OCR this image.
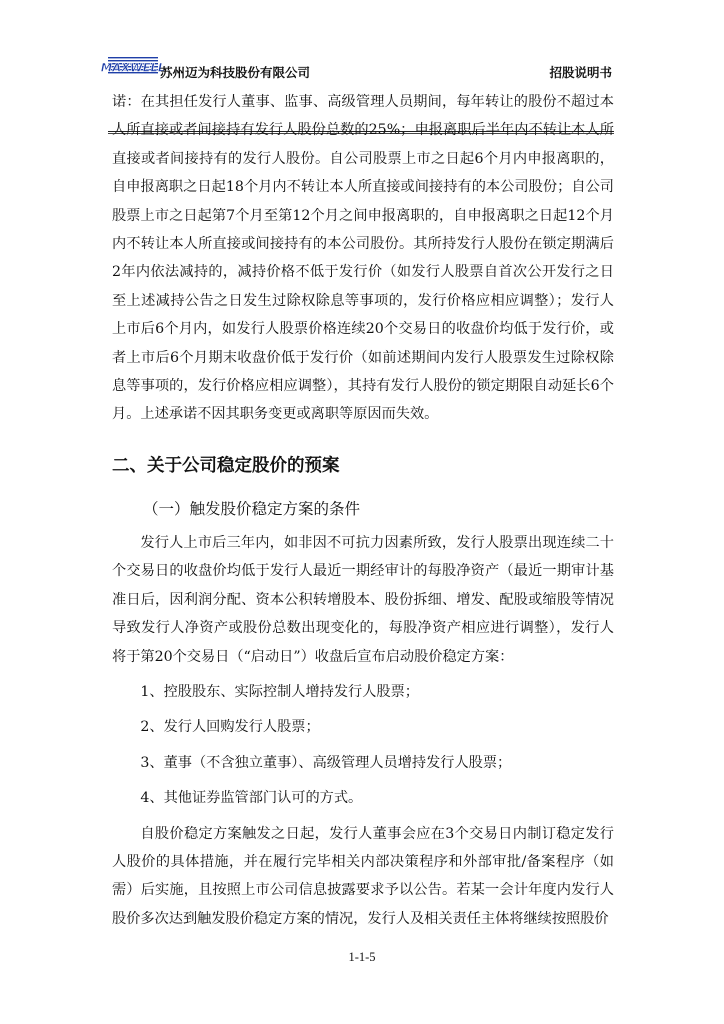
MAXWELL
苏州迈为科技股份有限公司	招股说明书

诺：在其担任发行人董事、监事、高级管理人员期间，每年转让的股份不超过本人所直接或者间接持有发行人股份总数的25%；申报离职后半年内不转让本人所直接或者间接持有的发行人股份。自公司股票上市之日起6个月内申报离职的，自申报离职之日起18个月内不转让本人所直接或间接持有的本公司股份；自公司股票上市之日起第7个月至第12个月之间申报离职的，自申报离职之日起12个月内不转让本人所直接或间接持有的本公司股份。其所持发行人股份在锁定期满后2年内依法减持的，减持价格不低于发行价（如发行人股票自首次公开发行之日至上述减持公告之日发生过除权除息等事项的，发行价格应相应调整）；发行人上市后6个月内，如发行人股票价格连续20个交易日的收盘价均低于发行价，或者上市后6个月期末收盘价低于发行价（如前述期间内发行人股票发生过除权除息等事项的，发行价格应相应调整），其持有发行人股份的锁定期限自动延长6个月。上述承诺不因其职务变更或离职等原因而失效。

二、关于公司稳定股价的预案
（一）触发股价稳定方案的条件

发行人上市后三年内，如非因不可抗力因素所致，发行人股票出现连续二十个交易日的收盘价均低于发行人最近一期经审计的每股净资产（最近一期审计基准日后，因利润分配、资本公积转增股本、股份拆细、增发、配股或缩股等情况导致发行人净资产或股份总数出现变化的，每股净资产相应进行调整），发行人将于第20个交易日（“启动日”）收盘后宣布启动股价稳定方案：

1、控股股东、实际控制人增持发行人股票；

2、发行人回购发行人股票；

3、董事（不含独立董事）、高级管理人员增持发行人股票；

4、其他证券监管部门认可的方式。

自股价稳定方案触发之日起，发行人董事会应在3个交易日内制订稳定发行人股价的具体措施，并在履行完毕相关内部决策程序和外部审批/备案程序（如需）后实施，且按照上市公司信息披露要求予以公告。若某一会计年度内发行人股价多次达到触发股价稳定方案的情况，发行人及相关责任主体将继续按照股价

1-1-5
